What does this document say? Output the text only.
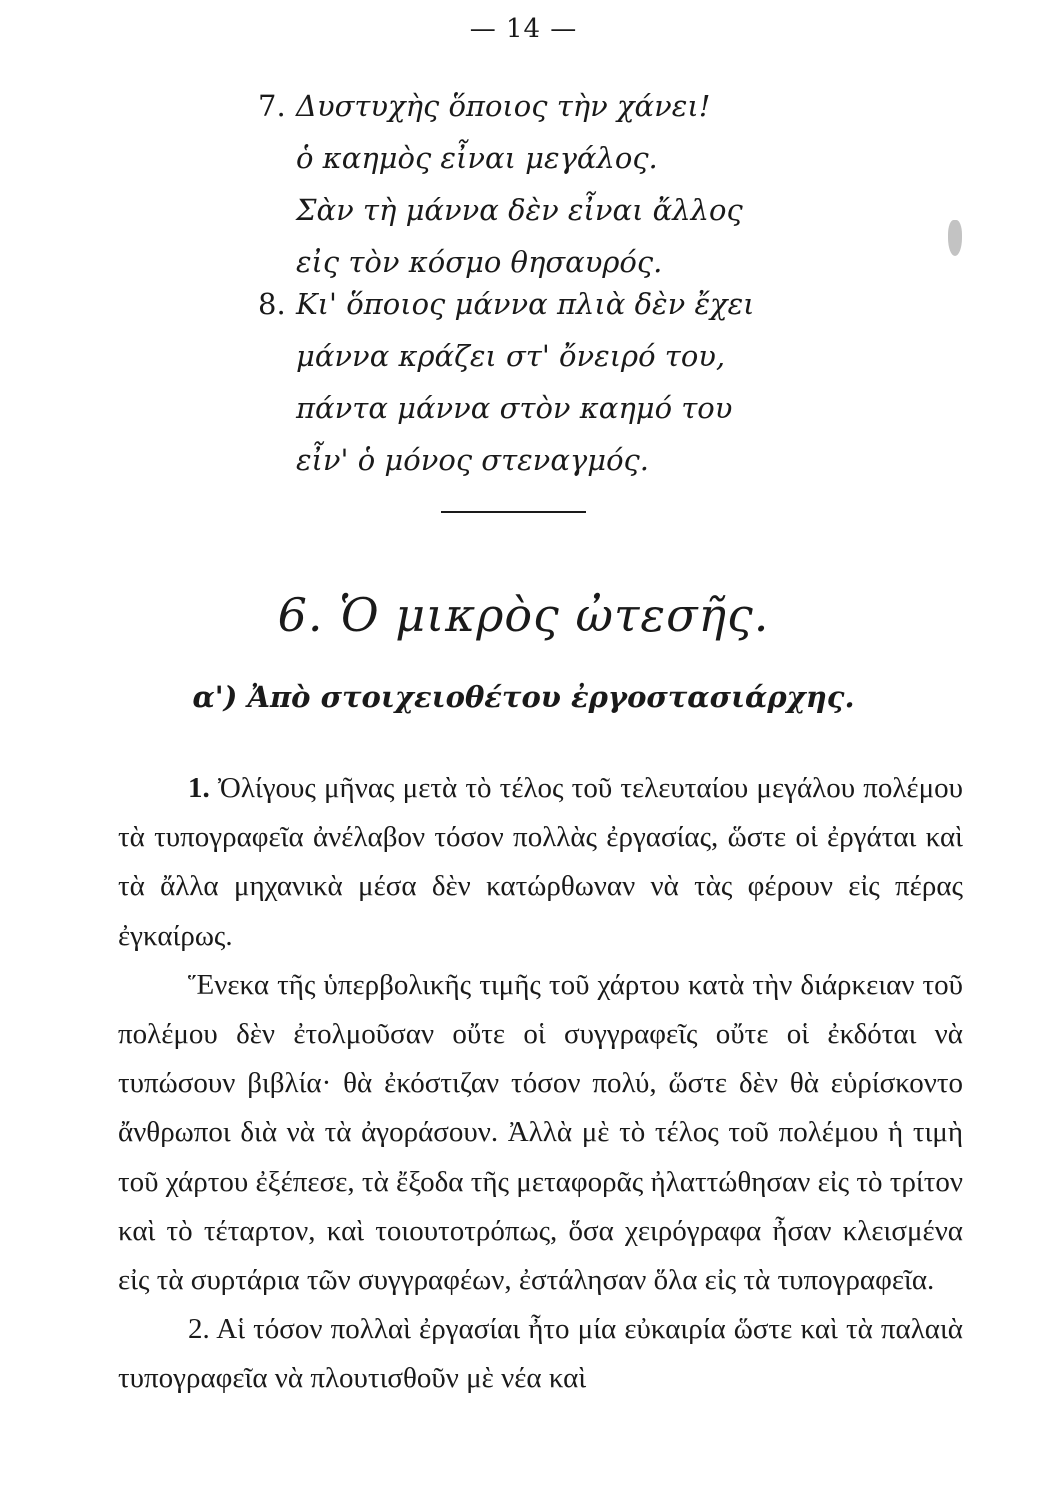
— 14 —
7. Δυστυχὴς ὅποιος τὴν χάνει!
ὁ καημὸς εἶναι μεγάλος.
Σὰν τὴ μάννα δὲν εἶναι ἄλλος
εἰς τὸν κόσμο θησαυρός.
8. Κι' ὅποιος μάννα πλιὰ δὲν ἔχει
μάννα κράζει στ' ὄνειρό του,
πάντα μάννα στὸν καημό του
εἶν' ὁ μόνος στεναγμός.
6. Ὁ μικρὸς ὠτεσῆς.
α') Ἀπὸ στοιχειοθέτου ἐργοστασιάρχης.

1. Ὀλίγους μῆνας μετὰ τὸ τέλος τοῦ τελευταίου μεγάλου πολέμου τὰ τυπογραφεῖα ἀνέλαβον τόσον πολλὰς ἐργασίας, ὥστε οἱ ἐργάται καὶ τὰ ἄλλα μηχανικὰ μέσα δὲν κατώρθωναν νὰ τὰς φέρουν εἰς πέρας ἐγκαίρως.

Ἕνεκα τῆς ὑπερβολικῆς τιμῆς τοῦ χάρτου κατὰ τὴν διάρκειαν τοῦ πολέμου δὲν ἐτολμοῦσαν οὔτε οἱ συγγραφεῖς οὔτε οἱ ἐκδόται νὰ τυπώσουν βιβλία· θὰ ἐκόστιζαν τόσον πολύ, ὥστε δὲν θὰ εὑρίσκοντο ἄνθρωποι διὰ νὰ τὰ ἀγοράσουν. Ἀλλὰ μὲ τὸ τέλος τοῦ πολέμου ἡ τιμὴ τοῦ χάρτου ἐξέπεσε, τὰ ἔξοδα τῆς μεταφορᾶς ἠλαττώθησαν εἰς τὸ τρίτον καὶ τὸ τέταρτον, καὶ τοιουτοτρόπως, ὅσα χειρόγραφα ἦσαν κλεισμένα εἰς τὰ συρτάρια τῶν συγγραφέων, ἐστάλησαν ὅλα εἰς τὰ τυπογραφεῖα.

2. Αἱ τόσον πολλαὶ ἐργασίαι ἦτο μία εὐκαιρία ὥστε καὶ τὰ παλαιὰ τυπογραφεῖα νὰ πλουτισθοῦν μὲ νέα καὶ
